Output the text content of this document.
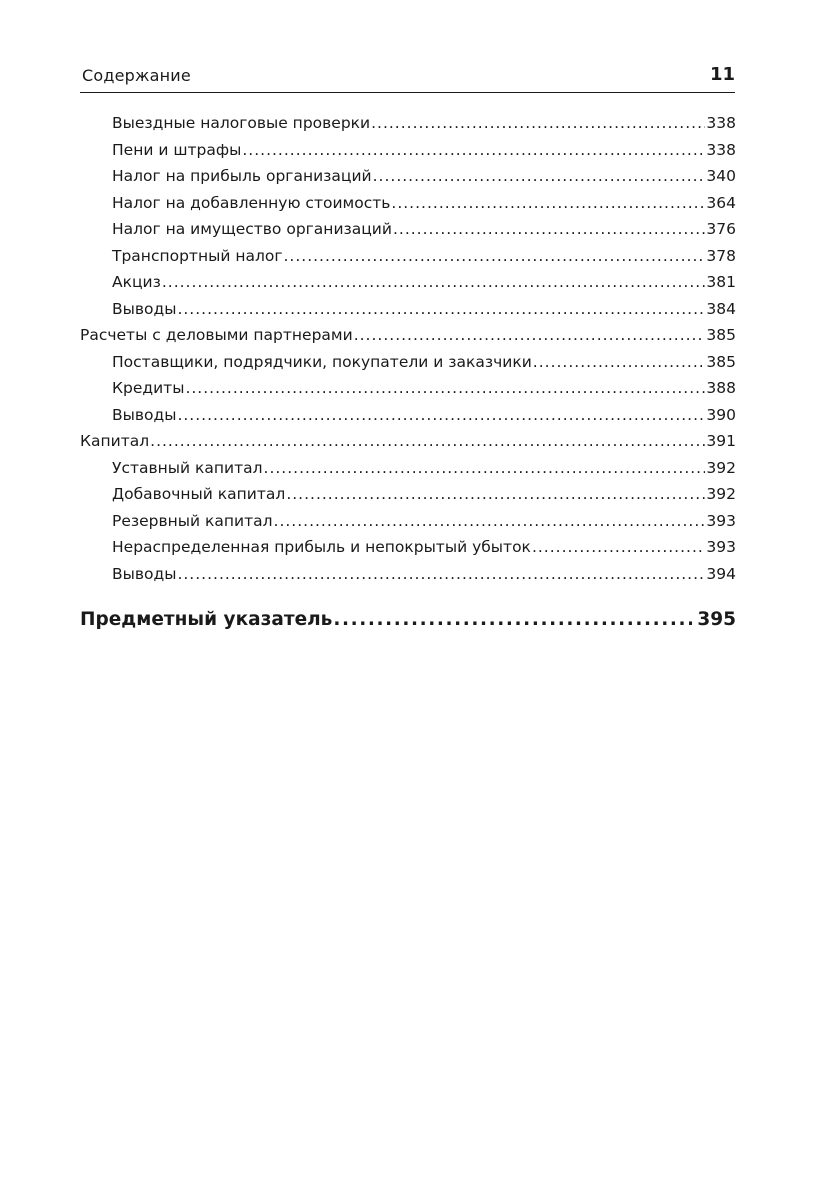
Содержание	11
Выездные налоговые проверки .....	338
Пени и штрафы .....	338
Налог на прибыль организаций .....	340
Налог на добавленную стоимость .....	364
Налог на имущество организаций .....	376
Транспортный налог .....	378
Акциз .....	381
Выводы .....	384
Расчеты с деловыми партнерами .....	385
Поставщики, подрядчики, покупатели и заказчики .....	385
Кредиты .....	388
Выводы .....	390
Капитал .....	391
Уставный капитал .....	392
Добавочный капитал .....	392
Резервный капитал .....	393
Нераспределенная прибыль и непокрытый убыток .....	393
Выводы .....	394
Предметный указатель .....	395
